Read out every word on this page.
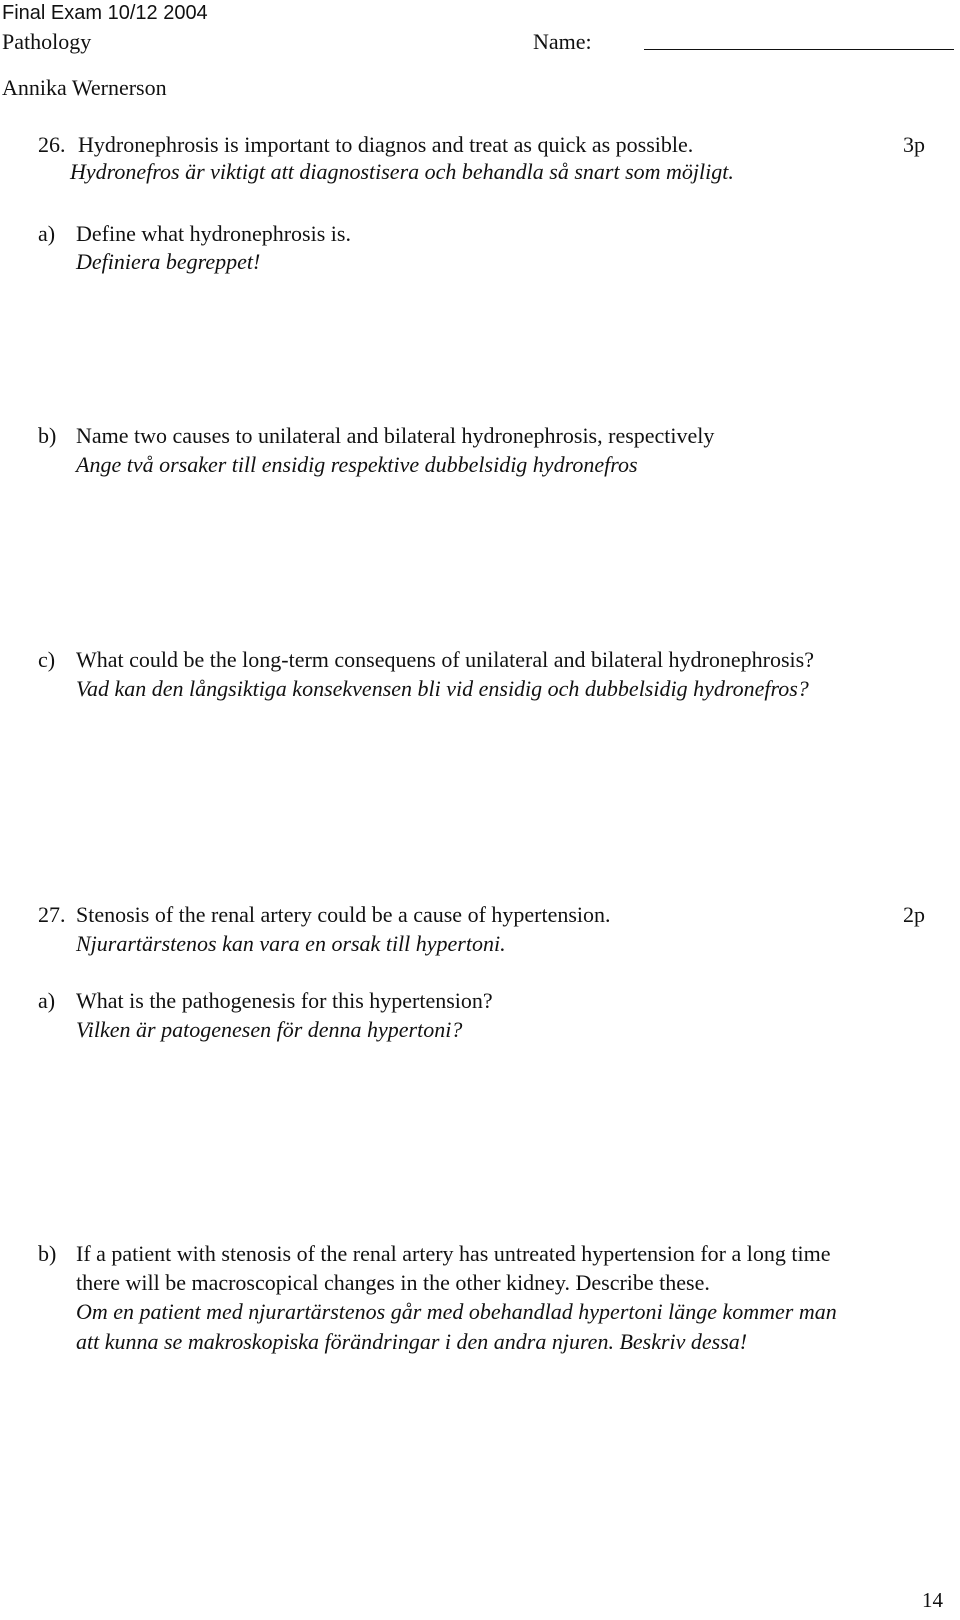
Final Exam 10/12 2004
Pathology	Name:
Annika Wernerson
26. Hydronephrosis is important to diagnos and treat as quick as possible.	3p
Hydronefros är viktigt att diagnostisera och behandla så snart som möjligt.
a) Define what hydronephrosis is.
Definiera begreppet!
b) Name two causes to unilateral and bilateral hydronephrosis, respectively
Ange två orsaker till ensidig respektive dubbelsidig hydronefros
c) What could be the long-term consequens of unilateral and bilateral hydronephrosis?
Vad kan den långsiktiga konsekvensen bli vid ensidig och dubbelsidig hydronefros?
27. Stenosis of the renal artery could be a cause of hypertension.	2p
Njurartärstenos kan vara en orsak till hypertoni.
a) What is the pathogenesis for this hypertension?
Vilken är patogenesen för denna hypertoni?
b) If a patient with stenosis of the renal artery has untreated hypertension for a long time
there will be macroscopical changes in the other kidney. Describe these.
Om en patient med njurartärstenos går med obehandlad hypertoni länge kommer man
att kunna se makroskopiska förändringar i den andra njuren. Beskriv dessa!
14
